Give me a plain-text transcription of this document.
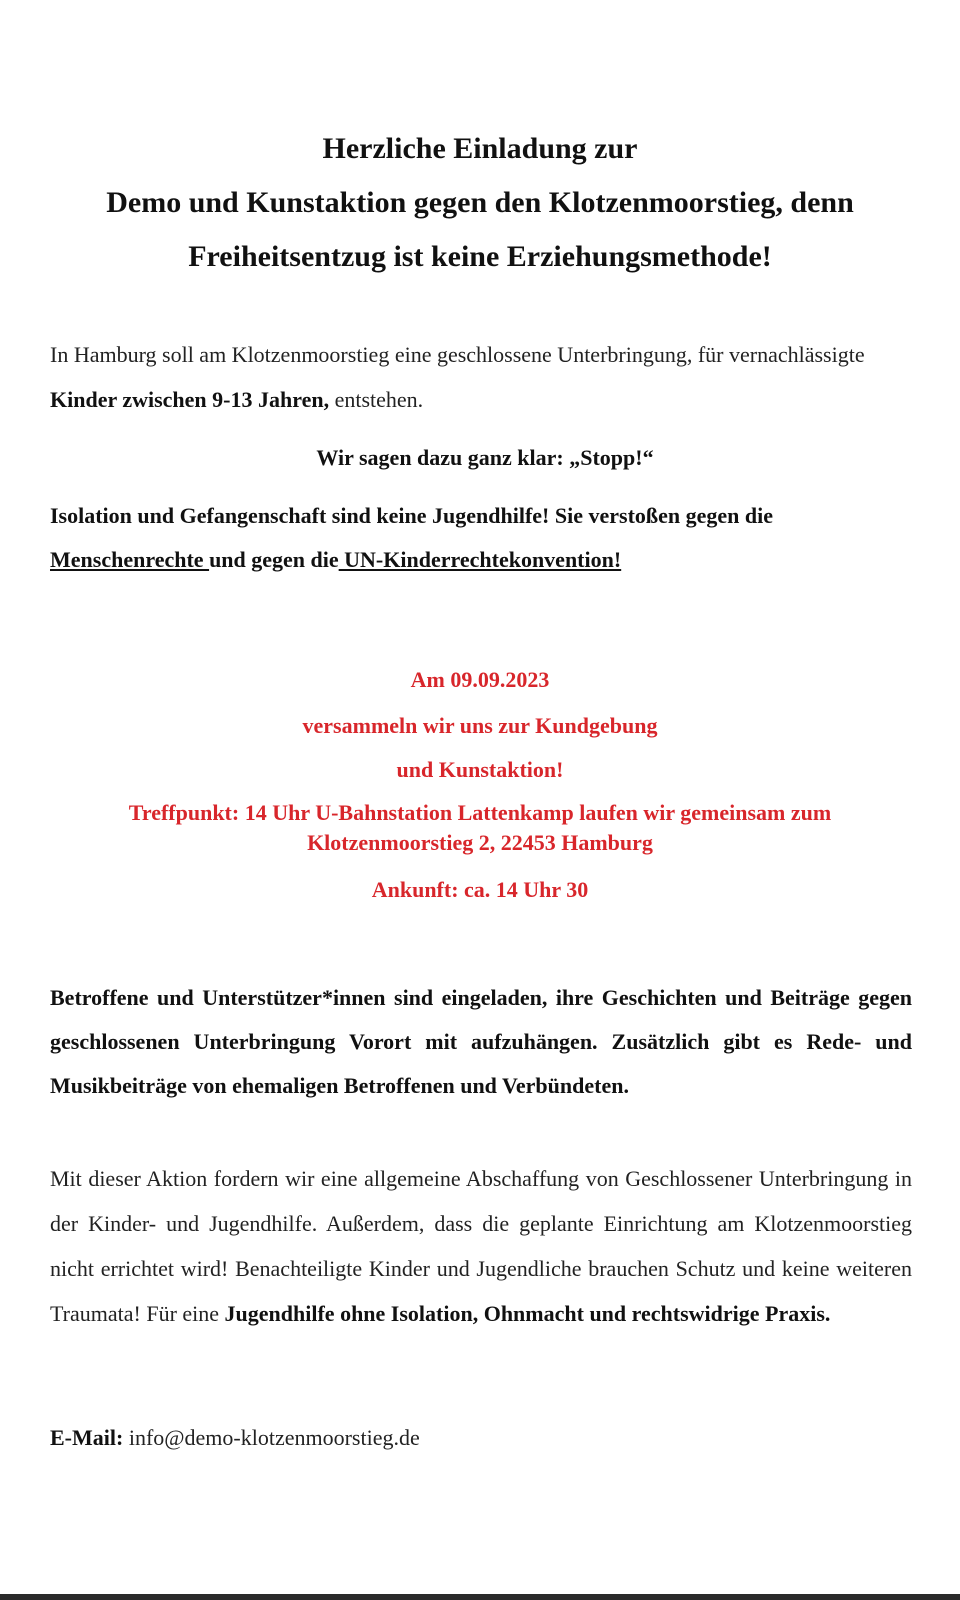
Herzliche Einladung zur
Demo und Kunstaktion gegen den Klotzenmoorstieg, denn
Freiheitsentzug ist keine Erziehungsmethode!

In Hamburg soll am Klotzenmoorstieg eine geschlossene Unterbringung, für vernachlässigte Kinder zwischen 9-13 Jahren, entstehen.

Wir sagen dazu ganz klar: „Stopp!“

Isolation und Gefangenschaft sind keine Jugendhilfe! Sie verstoßen gegen die Menschenrechte und gegen die UN-Kinderrechtekonvention!

Am 09.09.2023

versammeln wir uns zur Kundgebung

und Kunstaktion!

Treffpunkt: 14 Uhr U-Bahnstation Lattenkamp laufen wir gemeinsam zum
Klotzenmoorstieg 2, 22453 Hamburg

Ankunft: ca. 14 Uhr 30

Betroffene und Unterstützer*innen sind eingeladen, ihre Geschichten und Beiträge gegen geschlossenen Unterbringung Vorort mit aufzuhängen. Zusätzlich gibt es Rede- und Musikbeiträge von ehemaligen Betroffenen und Verbündeten.

Mit dieser Aktion fordern wir eine allgemeine Abschaffung von Geschlossener Unterbringung in der Kinder- und Jugendhilfe. Außerdem, dass die geplante Einrichtung am Klotzenmoorstieg nicht errichtet wird! Benachteiligte Kinder und Jugendliche brauchen Schutz und keine weiteren Traumata! Für eine Jugendhilfe ohne Isolation, Ohnmacht und rechtswidrige Praxis.

E-Mail: info@demo-klotzenmoorstieg.de
